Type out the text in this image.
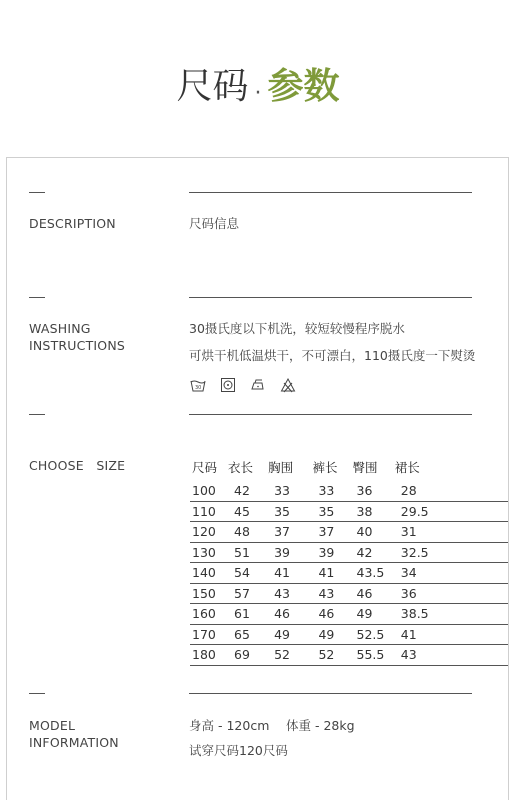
尺码 · 参数
DESCRIPTION	尺码信息
WASHING
INSTRUCTIONS
30摄氏度以下机洗，较短较慢程序脱水
可烘干机低温烘干，不可漂白，110摄氏度一下熨烫
30
CHOOSE   SIZE	尺码	衣长	胸围	裤长	臀围	裙长
100	42	33	33	36	28
110	45	35	35	38	29.5
120	48	37	37	40	31
130	51	39	39	42	32.5
140	54	41	41	43.5	34
150	57	43	43	46	36
160	61	46	46	49	38.5
170	65	49	49	52.5	41
180	69	52	52	55.5	43
MODEL
INFORMATION
身高 - 120cm 体重 - 28kg
试穿尺码120尺码
